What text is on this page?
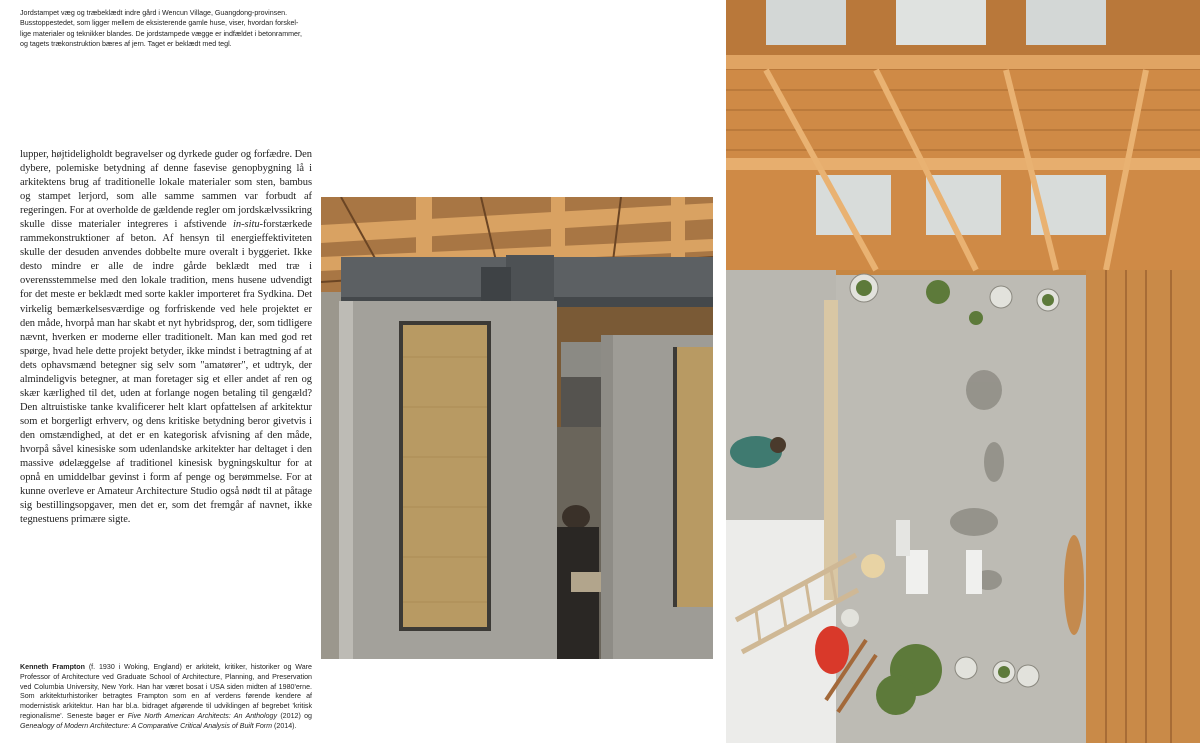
Jordstampet væg og træbeklædt indre gård i Wencun Village, Guangdong-provinsen.
Busstoppestedet, som ligger mellem de eksisterende gamle huse, viser, hvordan forskel-
lige materialer og teknikker blandes. De jordstampede vægge er indfældet i betonrammer,
og tagets trækonstruktion bæres af jern. Taget er beklædt med tegl.

lupper, højtideligholdt begravelser og dyrkede guder og forfædre. Den dybere, polemiske betydning af denne fasevise genopbygning lå i arkitektens brug af traditionelle lokale materialer som sten, bambus og stampet lerjord, som alle samme sammen var forbudt af regeringen. For at overholde de gældende regler om jordskælvssikring skulle disse materialer integreres i afstivende in-situ-forstærkede rammekonstruktioner af beton. Af hensyn til energieffektiviteten skulle der desuden anvendes dobbelte mure overalt i byggeriet. Ikke desto mindre er alle de indre gårde beklædt med træ i overensstemmelse med den lokale tradition, mens husene udvendigt for det meste er beklædt med sorte kakler importeret fra Sydkina. Det virkelig bemærkelsesværdige og forfriskende ved hele projektet er den måde, hvorpå man har skabt et nyt hybridsprog, der, som tidligere nævnt, hverken er moderne eller traditionelt. Man kan med god ret spørge, hvad hele dette projekt betyder, ikke mindst i betragtning af at dets ophavsmænd betegner sig selv som "amatører", et udtryk, der almindeligvis betegner, at man foretager sig et eller andet af ren og skær kærlighed til det, uden at forlange nogen betaling til gengæld? Den altruistiske tanke kvalificerer helt klart opfattelsen af arkitektur som et borgerligt erhverv, og dens kritiske betydning beror givetvis i den omstændighed, at det er en kategorisk afvisning af den måde, hvorpå såvel kinesiske som udenlandske arkitekter har deltaget i den massive ødelæggelse af traditionel kinesisk bygningskultur for at opnå en umiddelbar gevinst i form af penge og berømmelse. For at kunne overleve er Amateur Architecture Studio også nødt til at påtage sig bestillingsopgaver, men det er, som det fremgår af navnet, ikke tegnestuens primære sigte.

Kenneth Frampton (f. 1930 i Woking, England) er arkitekt, kritiker, historiker og Ware Professor of Architecture ved Graduate School of Architecture, Planning, and Preservation ved Columbia University, New York. Han har været bosat i USA siden midten af 1980'erne. Som arkitekturhistoriker betragtes Frampton som en af verdens førende kendere af modernistisk arkitektur. Han har bl.a. bidraget afgørende til udviklingen af begrebet 'kritisk regionalisme'. Seneste bøger er Five North American Architects: An Anthology (2012) og Genealogy of Modern Architecture: A Comparative Critical Analysis of Built Form (2014).
